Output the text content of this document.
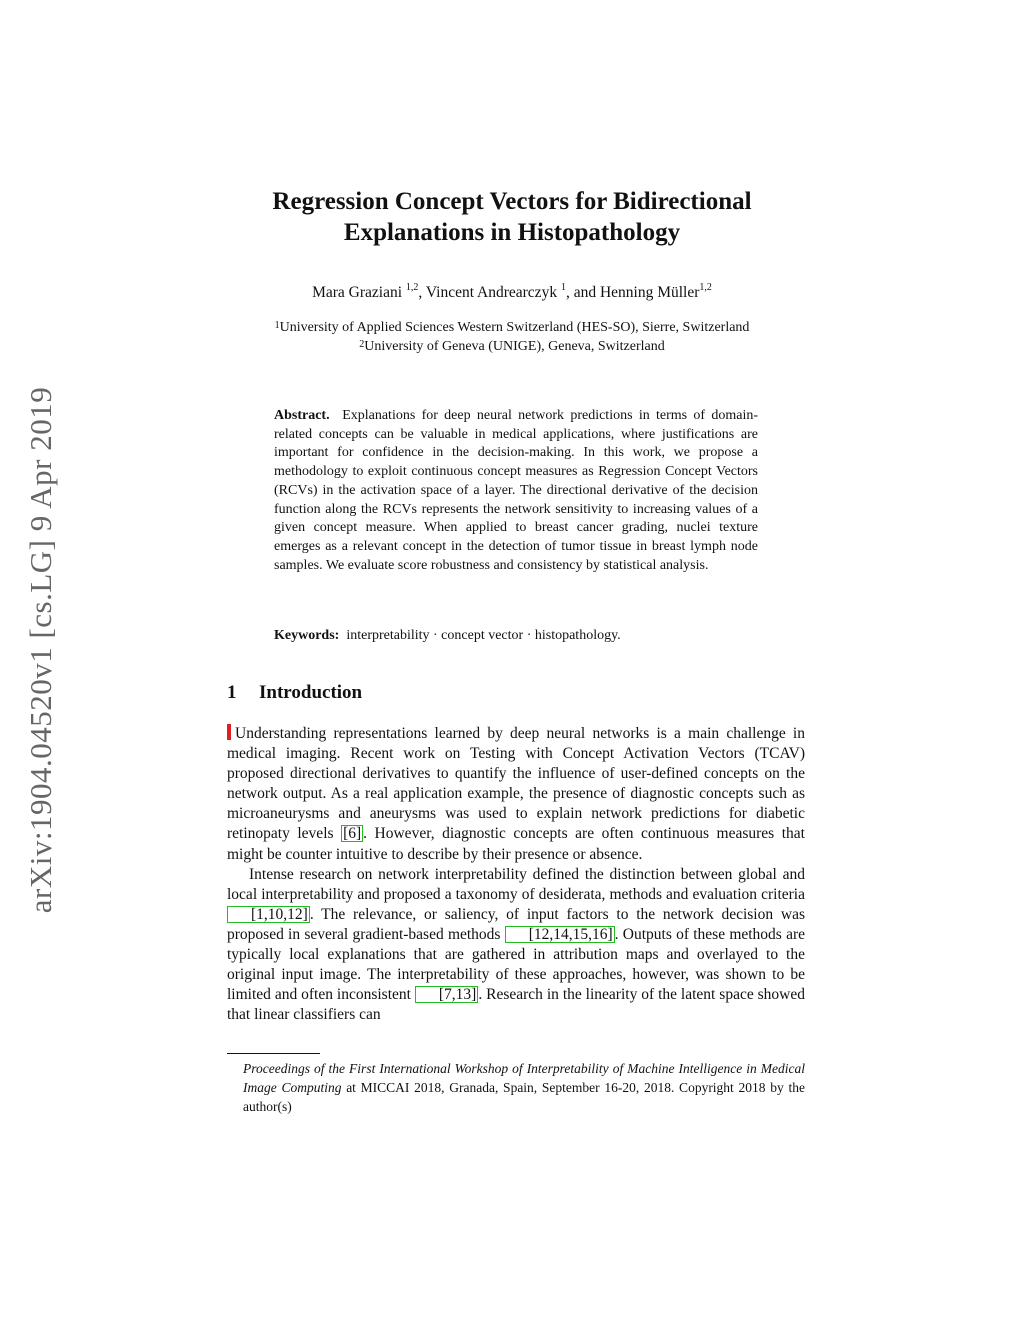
arXiv:1904.04520v1 [cs.LG] 9 Apr 2019
Regression Concept Vectors for Bidirectional
Explanations in Histopathology
Mara Graziani $^{1,2}$, Vincent Andrearczyk $^1$, and Henning Müller$^{1,2}$
$^1$University of Applied Sciences Western Switzerland (HES-SO), Sierre, Switzerland
$^2$University of Geneva (UNIGE), Geneva, Switzerland
Abstract. Explanations for deep neural network predictions in terms of domain-related concepts can be valuable in medical applications, where justifications are important for confidence in the decision-making. In this work, we propose a methodology to exploit continuous concept measures as Regression Concept Vectors (RCVs) in the activation space of a layer. The directional derivative of the decision function along the RCVs represents the network sensitivity to increasing values of a given concept measure. When applied to breast cancer grading, nuclei texture emerges as a relevant concept in the detection of tumor tissue in breast lymph node samples. We evaluate score robustness and consistency by statistical analysis.
Keywords: interpretability · concept vector · histopathology.
1 Introduction

Understanding representations learned by deep neural networks is a main challenge in medical imaging. Recent work on Testing with Concept Activation Vectors (TCAV) proposed directional derivatives to quantify the influence of user-defined concepts on the network output. As a real application example, the presence of diagnostic concepts such as microaneurysms and aneurysms was used to explain network predictions for diabetic retinopaty levels [6] . However, diagnostic concepts are often continuous measures that might be counter intuitive to describe by their presence or absence.

Intense research on network interpretability defined the distinction between global and local interpretability and proposed a taxonomy of desiderata, methods and evaluation criteria [1,10,12] . The relevance, or saliency, of input factors to the network decision was proposed in several gradient-based methods [12,14,15,16] . Outputs of these methods are typically local explanations that are gathered in attribution maps and overlayed to the original input image. The interpretability of these approaches, however, was shown to be limited and often inconsistent [7,13] . Research in the linearity of the latent space showed that linear classifiers can

Proceedings of the First International Workshop of Interpretability of Machine Intelligence in Medical Image Computing at MICCAI 2018, Granada, Spain, September 16-20, 2018. Copyright 2018 by the author(s)
